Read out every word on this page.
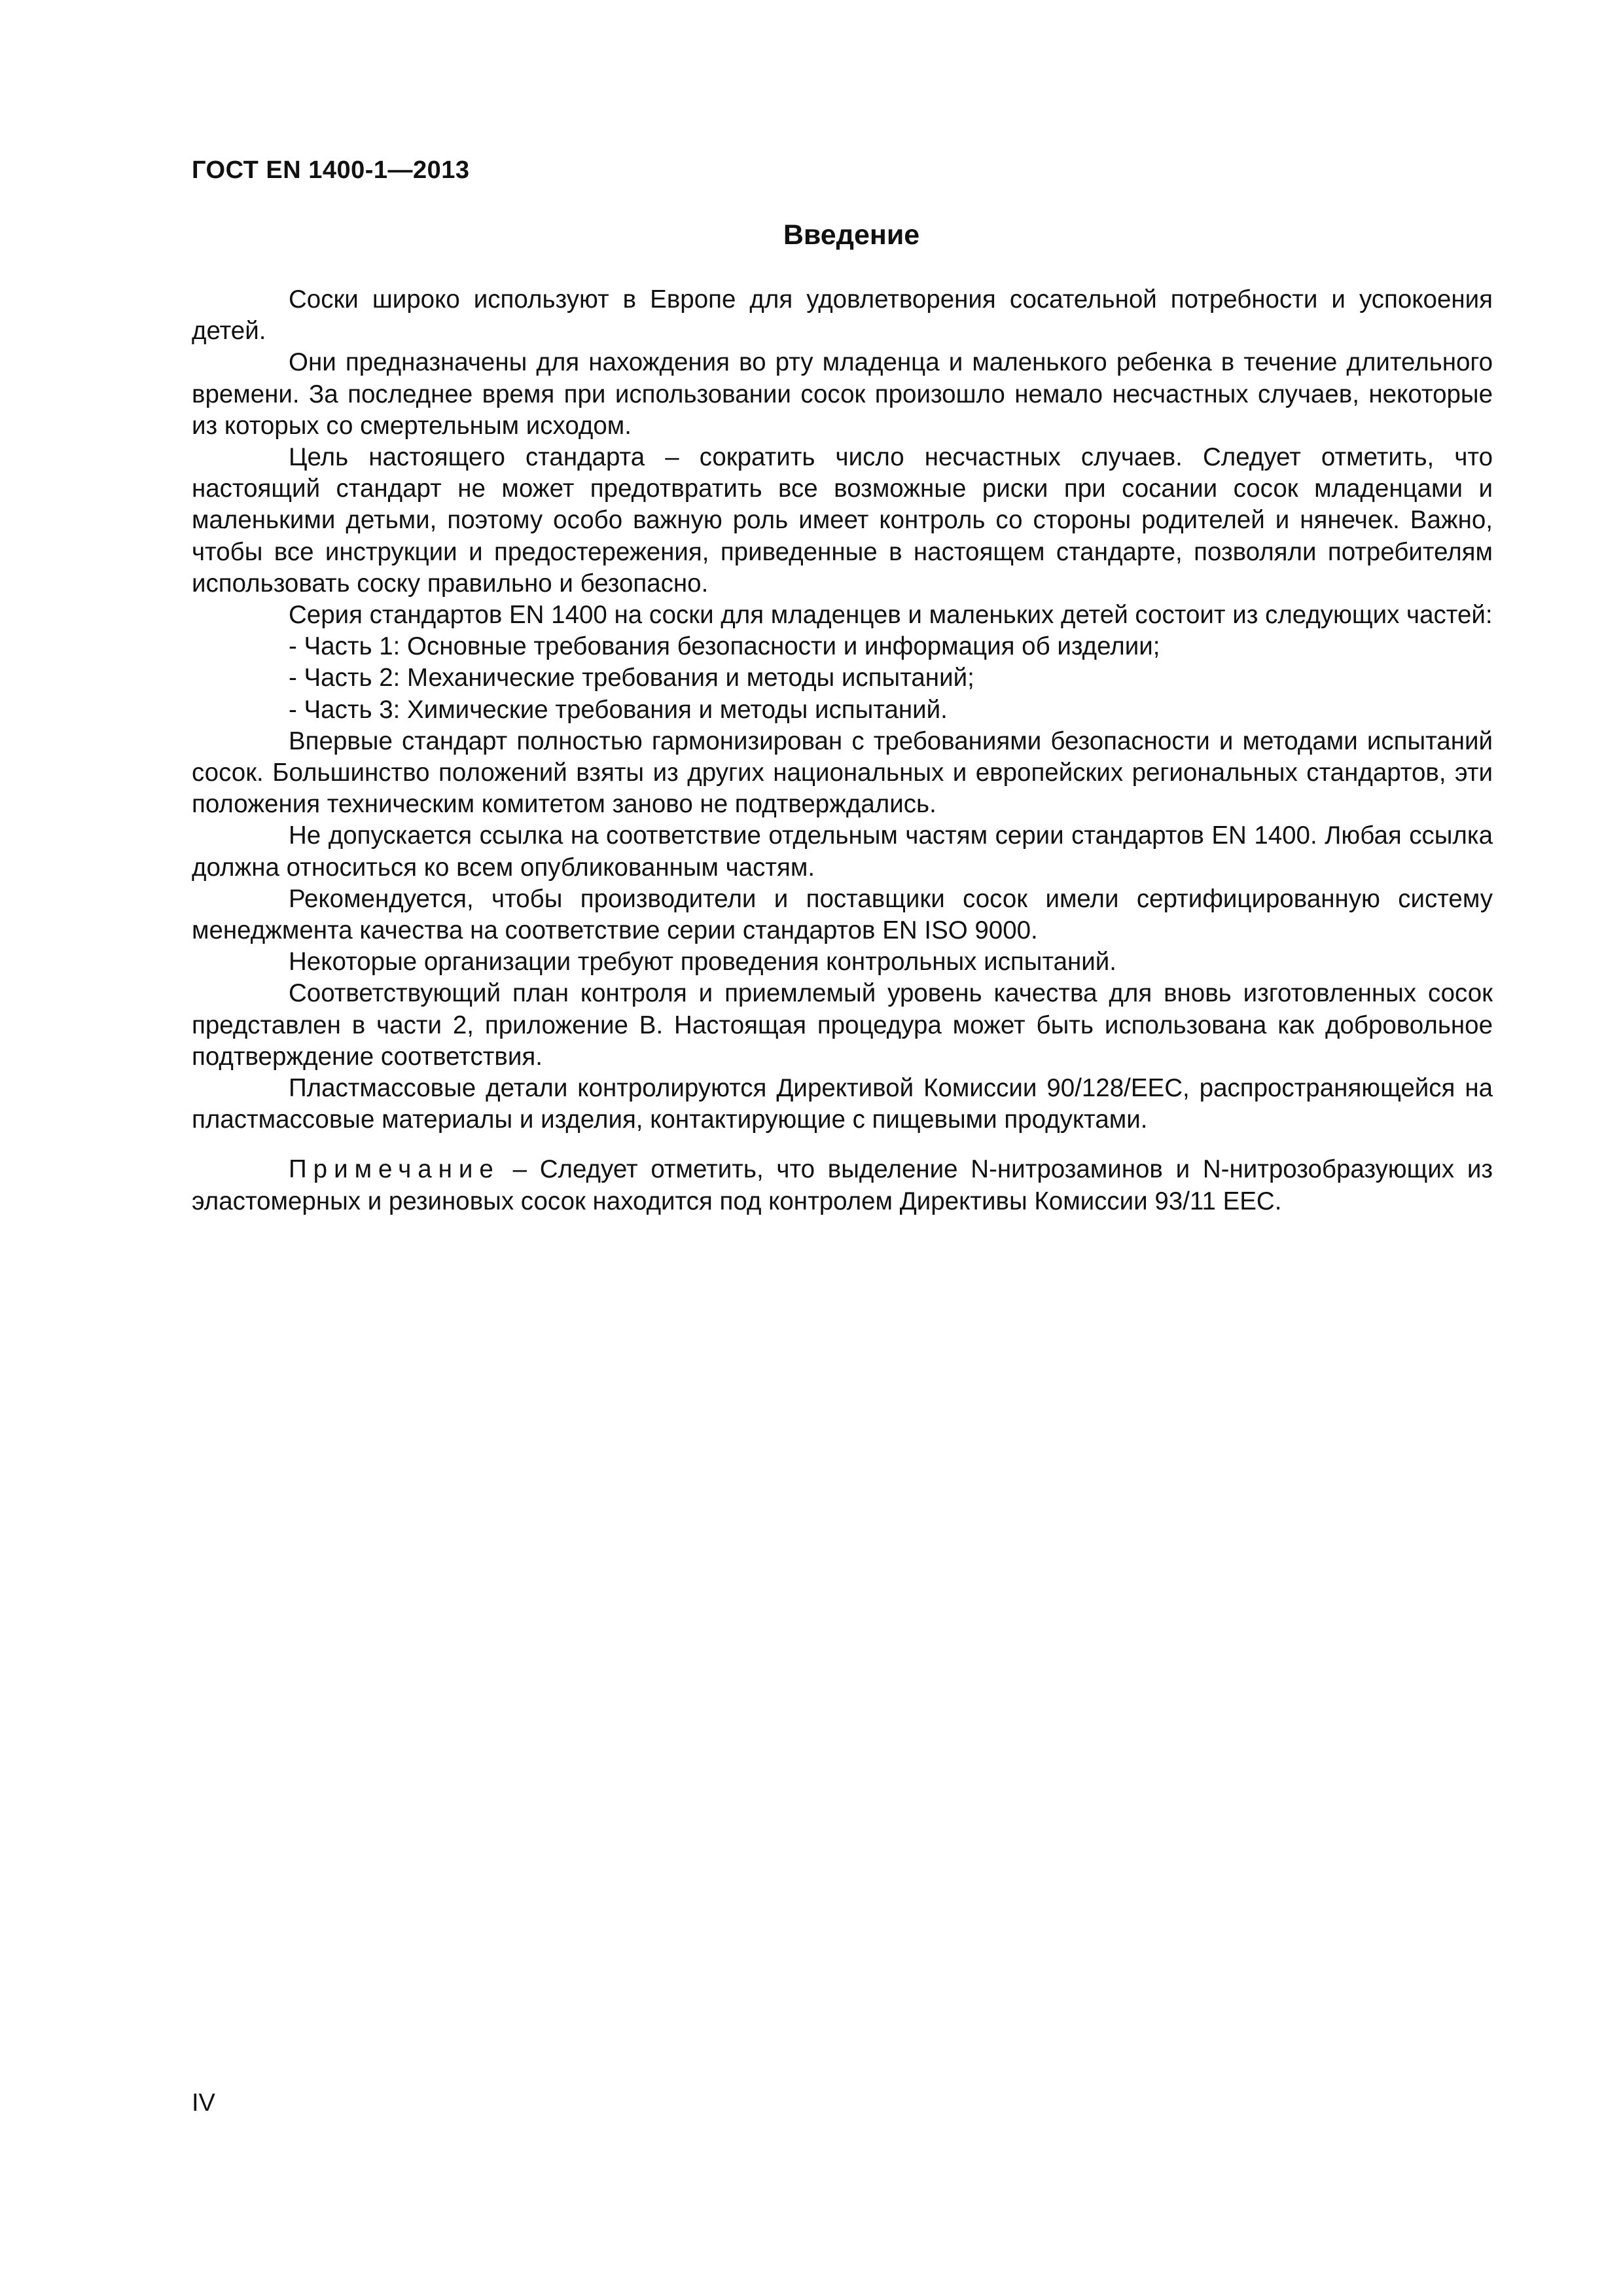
ГОСТ EN 1400-1—2013
Введение

Соски широко используют в Европе для удовлетворения сосательной потребности и успокоения детей.

Они предназначены для нахождения во рту младенца и маленького ребенка в течение длительного времени. За последнее время при использовании сосок произошло немало несчастных случаев, некоторые из которых со смертельным исходом.

Цель настоящего стандарта – сократить число несчастных случаев. Следует отметить, что настоящий стандарт не может предотвратить все возможные риски при сосании сосок младенцами и маленькими детьми, поэтому особо важную роль имеет контроль со стороны родителей и нянечек. Важно, чтобы все инструкции и предостережения, приведенные в настоящем стандарте, позволяли потребителям использовать соску правильно и безопасно.

Серия стандартов EN 1400 на соски для младенцев и маленьких детей состоит из следующих частей:

- Часть 1: Основные требования безопасности и информация об изделии;

- Часть 2: Механические требования и методы испытаний;

- Часть 3: Химические требования и методы испытаний.

Впервые стандарт полностью гармонизирован с требованиями безопасности и методами испытаний сосок. Большинство положений взяты из других национальных и европейских региональных стандартов, эти положения техническим комитетом заново не подтверждались.

Не допускается ссылка на соответствие отдельным частям серии стандартов EN 1400. Любая ссылка должна относиться ко всем опубликованным частям.

Рекомендуется, чтобы производители и поставщики сосок имели сертифицированную систему менеджмента качества на соответствие серии стандартов EN ISO 9000.

Некоторые организации требуют проведения контрольных испытаний.

Соответствующий план контроля и приемлемый уровень качества для вновь изготовленных сосок представлен в части 2, приложение В. Настоящая процедура может быть использована как добровольное подтверждение соответствия.

Пластмассовые детали контролируются Директивой Комиссии 90/128/EEC, распространяющейся на пластмассовые материалы и изделия, контактирующие с пищевыми продуктами.

Примечание – Следует отметить, что выделение N-нитрозаминов и N-нитрозобразующих из эластомерных и резиновых сосок находится под контролем Директивы Комиссии 93/11 EEC.

IV
